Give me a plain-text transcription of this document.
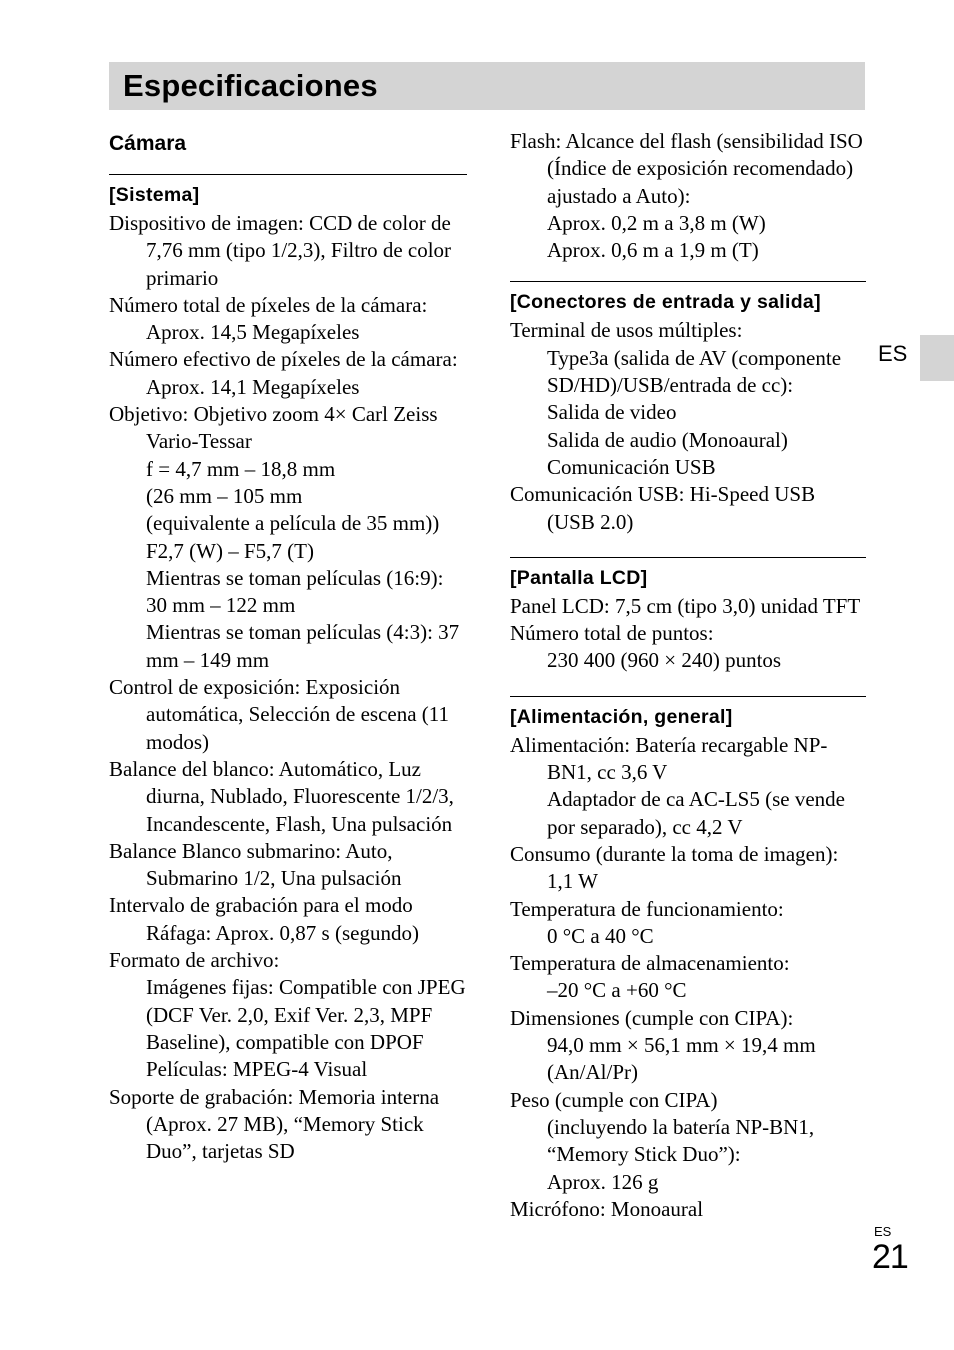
Especificaciones
Cámara
[Sistema]
Dispositivo de imagen: CCD de color de 7,76 mm (tipo 1/2,3), Filtro de color primario
Número total de píxeles de la cámara:
Aprox. 14,5 Megapíxeles
Número efectivo de píxeles de la cámara:
Aprox. 14,1 Megapíxeles
Objetivo: Objetivo zoom 4× Carl Zeiss Vario-Tessar
f = 4,7 mm – 18,8 mm
(26 mm – 105 mm
(equivalente a película de 35 mm))
F2,7 (W) – F5,7 (T)
Mientras se toman películas (16:9): 30 mm – 122 mm
Mientras se toman películas (4:3): 37 mm – 149 mm
Control de exposición: Exposición automática, Selección de escena (11 modos)
Balance del blanco: Automático, Luz diurna, Nublado, Fluorescente 1/2/3, Incandescente, Flash, Una pulsación
Balance Blanco submarino: Auto, Submarino 1/2, Una pulsación
Intervalo de grabación para el modo Ráfaga: Aprox. 0,87 s (segundo)
Formato de archivo:
Imágenes fijas: Compatible con JPEG (DCF Ver. 2,0, Exif Ver. 2,3, MPF Baseline), compatible con DPOF
Películas: MPEG-4 Visual
Soporte de grabación: Memoria interna (Aprox. 27 MB), “Memory Stick Duo”, tarjetas SD
Flash: Alcance del flash (sensibilidad ISO (Índice de exposición recomendado) ajustado a Auto):
Aprox. 0,2 m a 3,8 m (W)
Aprox. 0,6 m a 1,9 m (T)
[Conectores de entrada y salida]
Terminal de usos múltiples:
Type3a (salida de AV (componente SD/HD)/USB/entrada de cc):
Salida de video
Salida de audio (Monoaural)
Comunicación USB
Comunicación USB: Hi-Speed USB (USB 2.0)
[Pantalla LCD]
Panel LCD: 7,5 cm (tipo 3,0) unidad TFT
Número total de puntos:
230 400 (960 × 240) puntos
[Alimentación, general]
Alimentación: Batería recargable NP-BN1, cc 3,6 V
Adaptador de ca AC-LS5 (se vende por separado), cc 4,2 V
Consumo (durante la toma de imagen): 1,1 W
Temperatura de funcionamiento:
0 °C a 40 °C
Temperatura de almacenamiento:
–20 °C a +60 °C
Dimensiones (cumple con CIPA):
94,0 mm × 56,1 mm × 19,4 mm (An/Al/Pr)
Peso (cumple con CIPA)
(incluyendo la batería NP-BN1, “Memory Stick Duo”):
Aprox. 126 g
Micrófono: Monoaural
ES
ES
21
